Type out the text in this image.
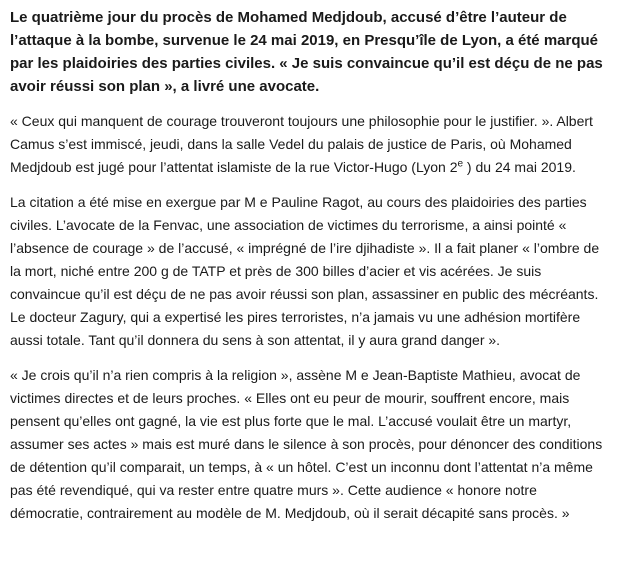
Le quatrième jour du procès de Mohamed Medjdoub, accusé d’être l’auteur de l’attaque à la bombe, survenue le 24 mai 2019, en Presqu’île de Lyon, a été marqué par les plaidoiries des parties civiles. « Je suis convaincue qu’il est déçu de ne pas avoir réussi son plan », a livré une avocate.

« Ceux qui manquent de courage trouveront toujours une philosophie pour le justifier. ». Albert Camus s’est immiscé, jeudi, dans la salle Vedel du palais de justice de Paris, où Mohamed Medjdoub est jugé pour l’attentat islamiste de la rue Victor-Hugo (Lyon 2e ) du 24 mai 2019.

La citation a été mise en exergue par M e Pauline Ragot, au cours des plaidoiries des parties civiles. L’avocate de la Fenvac, une association de victimes du terrorisme, a ainsi pointé « l’absence de courage » de l’accusé, « imprégné de l’ire djihadiste ». Il a fait planer « l’ombre de la mort, niché entre 200 g de TATP et près de 300 billes d’acier et vis acérées. Je suis convaincue qu’il est déçu de ne pas avoir réussi son plan, assassiner en public des mécréants. Le docteur Zagury, qui a expertisé les pires terroristes, n’a jamais vu une adhésion mortifère aussi totale. Tant qu’il donnera du sens à son attentat, il y aura grand danger ».

« Je crois qu’il n’a rien compris à la religion », assène M e Jean-Baptiste Mathieu, avocat de victimes directes et de leurs proches. « Elles ont eu peur de mourir, souffrent encore, mais pensent qu’elles ont gagné, la vie est plus forte que le mal. L’accusé voulait être un martyr, assumer ses actes » mais est muré dans le silence à son procès, pour dénoncer des conditions de détention qu’il comparait, un temps, à « un hôtel. C’est un inconnu dont l’attentat n’a même pas été revendiqué, qui va rester entre quatre murs ». Cette audience « honore notre démocratie, contrairement au modèle de M. Medjdoub, où il serait décapité sans procès. »
